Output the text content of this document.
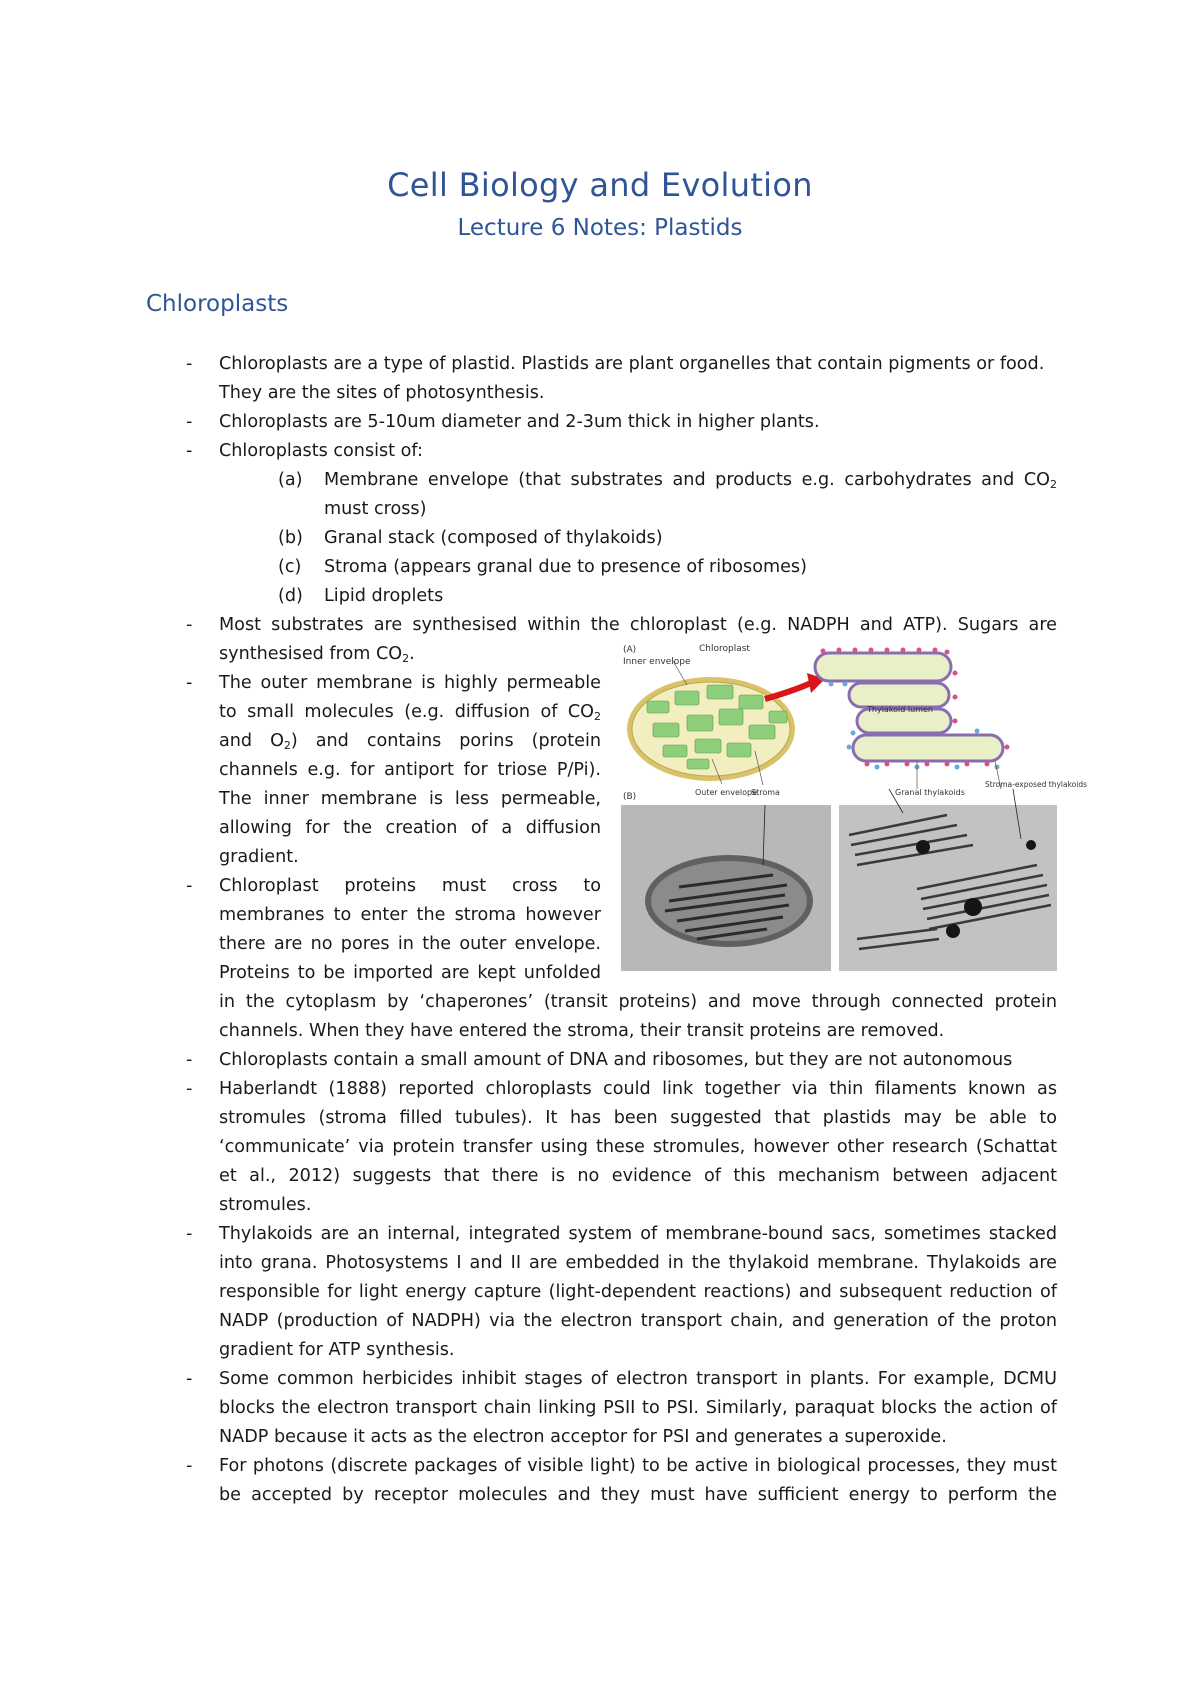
Cell Biology and Evolution
Lecture 6 Notes: Plastids
Chloroplasts
- Chloroplasts are a type of plastid. Plastids are plant organelles that contain pigments or food.
They are the sites of photosynthesis.
- Chloroplasts are 5-10um diameter and 2-3um thick in higher plants.
- Chloroplasts consist of:
(a) Membrane envelope (that substrates and products e.g. carbohydrates and $CO_2$
must cross)
(b) Granal stack (composed of thylakoids)
(c) Stroma (appears granal due to presence of ribosomes)
(d) Lipid droplets
- Most substrates are synthesised within the chloroplast (e.g. NADPH and ATP). Sugars are
synthesised from $CO_2$.
- The outer membrane is highly permeable
to small molecules (e.g. diffusion of $CO_2$
and $O_2$) and contains porins (protein
channels e.g. for antiport for triose P/Pi).
The inner membrane is less permeable,
allowing for the creation of a diffusion
gradient.
- Chloroplast proteins must cross to
membranes to enter the stroma however
there are no pores in the outer envelope.
Proteins to be imported are kept unfolded
in the cytoplasm by ‘chaperones’ (transit proteins) and move through connected protein
channels. When they have entered the stroma, their transit proteins are removed.
- Chloroplasts contain a small amount of DNA and ribosomes, but they are not autonomous
- Haberlandt (1888) reported chloroplasts could link together via thin filaments known as
stromules (stroma filled tubules). It has been suggested that plastids may be able to
‘communicate’ via protein transfer using these stromules, however other research (Schattat
et al., 2012) suggests that there is no evidence of this mechanism between adjacent
stromules.
- Thylakoids are an internal, integrated system of membrane-bound sacs, sometimes stacked
into grana. Photosystems I and II are embedded in the thylakoid membrane. Thylakoids are
responsible for light energy capture (light-dependent reactions) and subsequent reduction of
NADP (production of NADPH) via the electron transport chain, and generation of the proton
gradient for ATP synthesis.
- Some common herbicides inhibit stages of electron transport in plants. For example, DCMU
blocks the electron transport chain linking PSII to PSI. Similarly, paraquat blocks the action of
NADP because it acts as the electron acceptor for PSI and generates a superoxide.
- For photons (discrete packages of visible light) to be active in biological processes, they must
be accepted by receptor molecules and they must have sufficient energy to perform the
(A)
Inner envelope
Chloroplast
Outer envelope
Stroma
Thylakoid lumen
Granal thylakoids
Stroma-exposed thylakoids
(B)
